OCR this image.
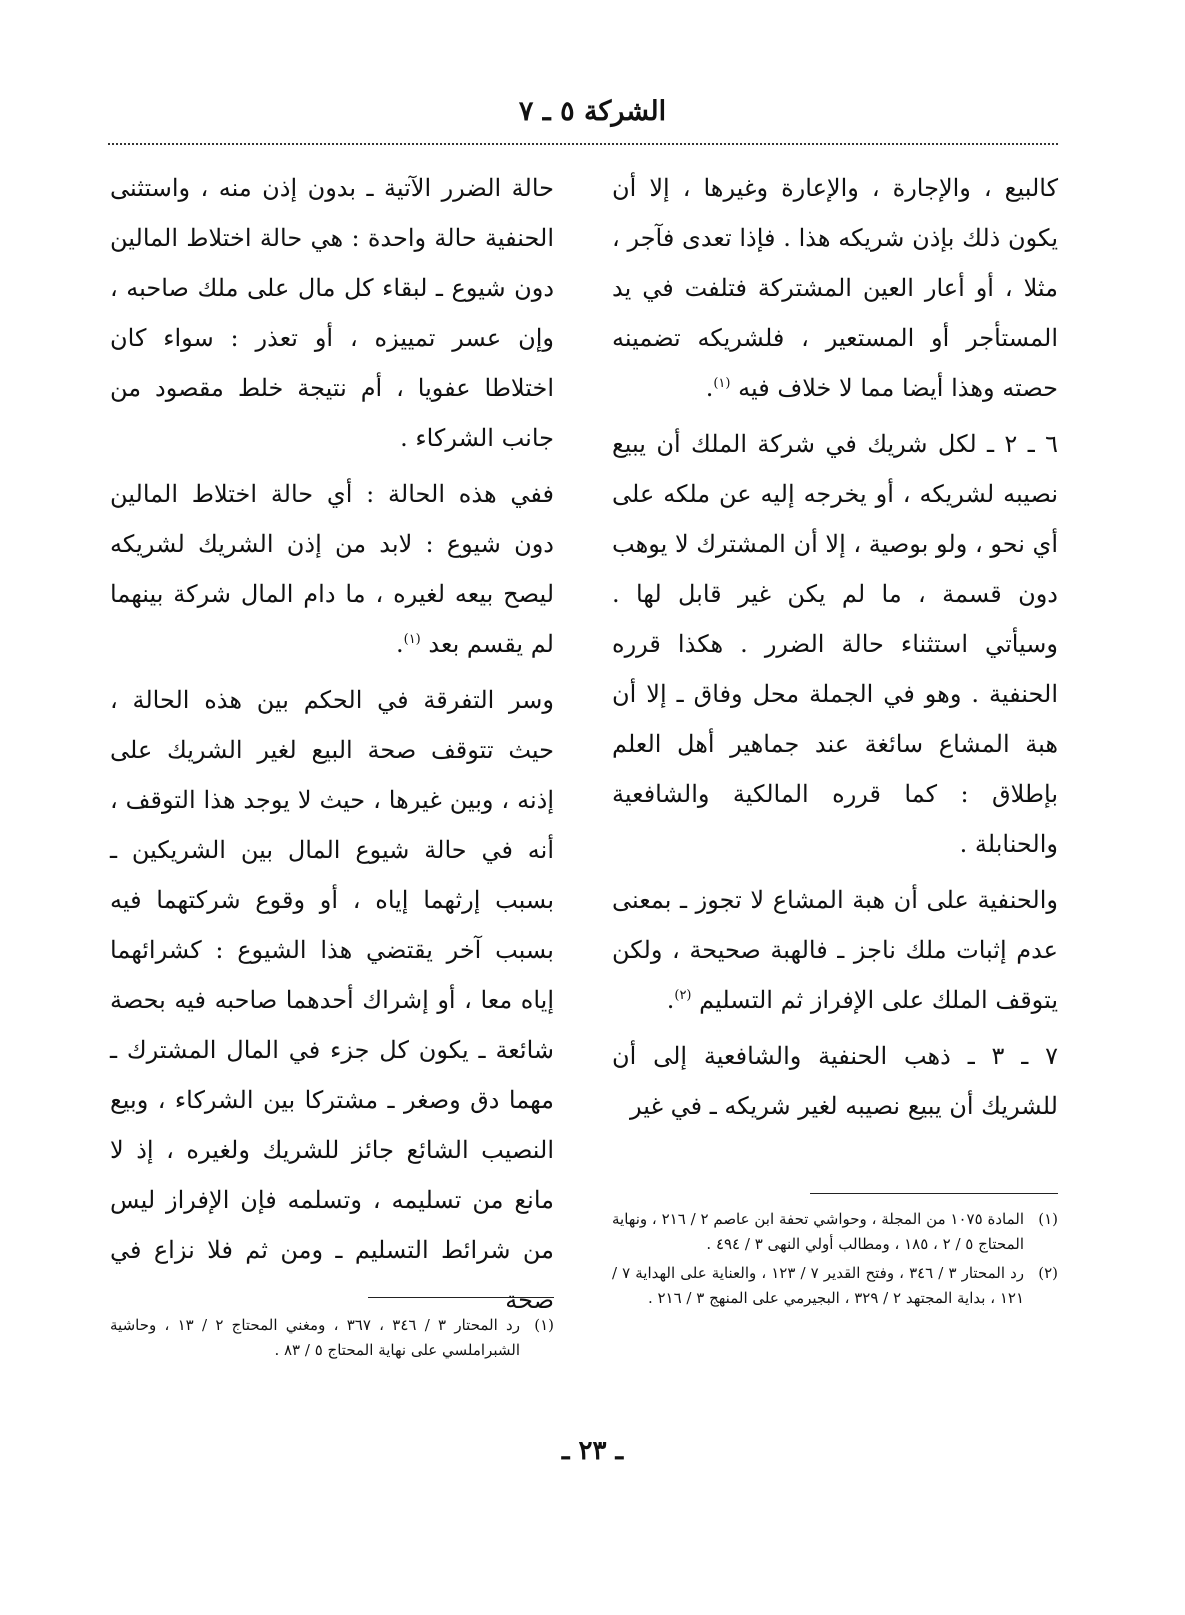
الشركة ٥ ـ ٧

كالبيع ، والإجارة ، والإعارة وغيرها ، إلا أن يكون ذلك بإذن شريكه هذا . فإذا تعدى فآجر ، مثلا ، أو أعار العين المشتركة فتلفت في يد المستأجر أو المستعير ، فلشريكه تضمينه حصته وهذا أيضا مما لا خلاف فيه $^{(١)}$.

٦ ـ ٢ ـ لكل شريك في شركة الملك أن يبيع نصيبه لشريكه ، أو يخرجه إليه عن ملكه على أي نحو ، ولو بوصية ، إلا أن المشترك لا يوهب دون قسمة ، ما لم يكن غير قابل لها . وسيأتي استثناء حالة الضرر . هكذا قرره الحنفية . وهو في الجملة محل وفاق ـ إلا أن هبة المشاع سائغة عند جماهير أهل العلم بإطلاق : كما قرره المالكية والشافعية والحنابلة .

والحنفية على أن هبة المشاع لا تجوز ـ بمعنى عدم إثبات ملك ناجز ـ فالهبة صحيحة ، ولكن يتوقف الملك على الإفراز ثم التسليم $^{(٢)}$.

٧ ـ ٣ ـ ذهب الحنفية والشافعية إلى أن للشريك أن يبيع نصيبه لغير شريكه ـ في غير

حالة الضرر الآتية ـ بدون إذن منه ، واستثنى الحنفية حالة واحدة : هي حالة اختلاط المالين دون شيوع ـ لبقاء كل مال على ملك صاحبه ، وإن عسر تمييزه ، أو تعذر : سواء كان اختلاطا عفويا ، أم نتيجة خلط مقصود من جانب الشركاء .

ففي هذه الحالة : أي حالة اختلاط المالين دون شيوع : لابد من إذن الشريك لشريكه ليصح بيعه لغيره ، ما دام المال شركة بينهما لم يقسم بعد $^{(١)}$.

وسر التفرقة في الحكم بين هذه الحالة ، حيث تتوقف صحة البيع لغير الشريك على إذنه ، وبين غيرها ، حيث لا يوجد هذا التوقف ، أنه في حالة شيوع المال بين الشريكين ـ بسبب إرثهما إياه ، أو وقوع شركتهما فيه بسبب آخر يقتضي هذا الشيوع : كشرائهما إياه معا ، أو إشراك أحدهما صاحبه فيه بحصة شائعة ـ يكون كل جزء في المال المشترك ـ مهما دق وصغر ـ مشتركا بين الشركاء ، وبيع النصيب الشائع جائز للشريك ولغيره ، إذ لا مانع من تسليمه ، وتسلمه فإن الإفراز ليس من شرائط التسليم ـ ومن ثم فلا نزاع في صحة

(١)
المادة ١٠٧٥ من المجلة ، وحواشي تحفة ابن عاصم ٢ / ٢١٦ ، ونهاية المحتاج ٥ / ٢ ، ١٨٥ ، ومطالب أولي النهى ٣ / ٤٩٤ .
(٢)
رد المحتار ٣ / ٣٤٦ ، وفتح القدير ٧ / ١٢٣ ، والعناية على الهداية ٧ / ١٢١ ، بداية المجتهد ٢ / ٣٢٩ ، البجيرمي على المنهج ٣ / ٢١٦ .
(١)
رد المحتار ٣ / ٣٤٦ ، ٣٦٧ ، ومغني المحتاج ٢ / ١٣ ، وحاشية الشبراملسي على نهاية المحتاج ٥ / ٨٣ .
ـ ٢٣ ـ
